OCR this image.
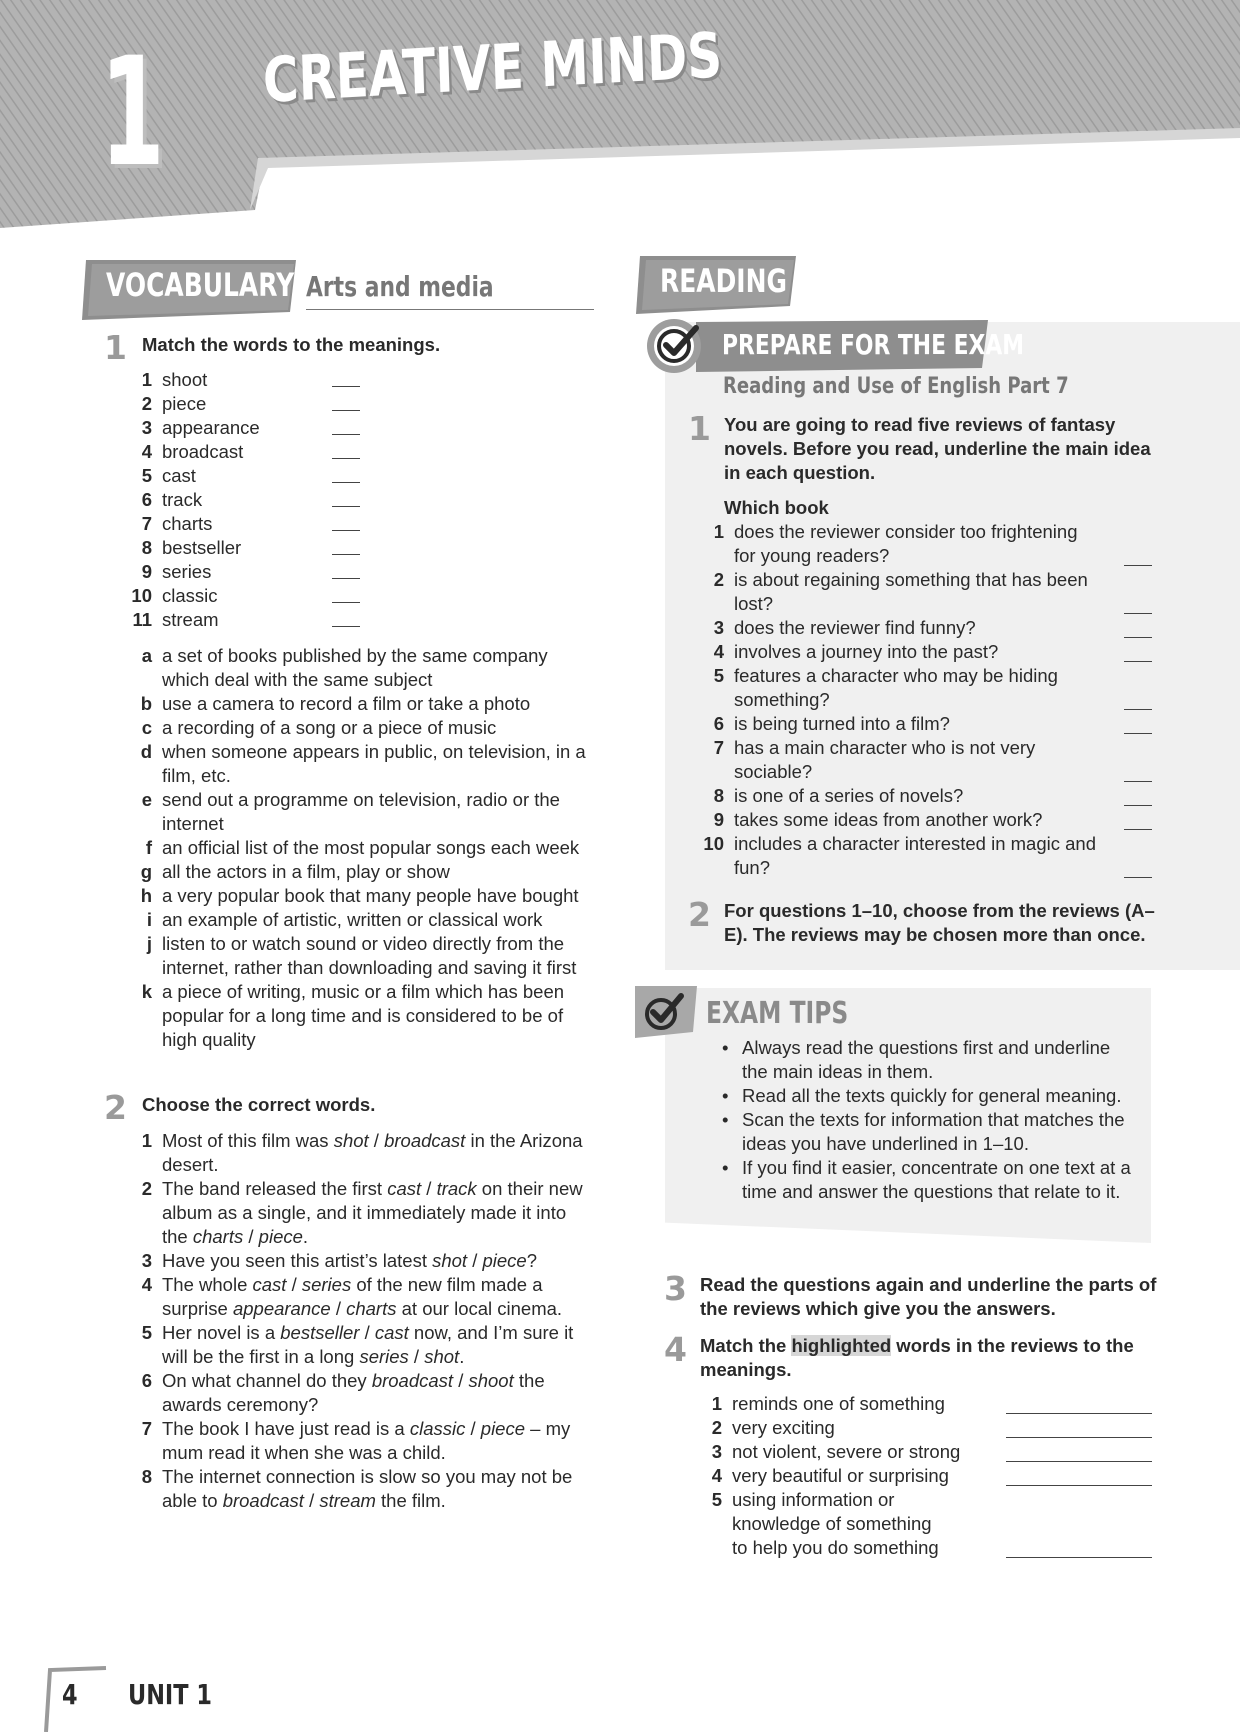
1 CREATIVE MINDS
VOCABULARY Arts and media
1 Match the words to the meanings.
1 shoot
2 piece
3 appearance
4 broadcast
5 cast
6 track
7 charts
8 bestseller
9 series
10 classic
11 stream
a a set of books published by the same company which deal with the same subject
b use a camera to record a film or take a photo
c a recording of a song or a piece of music
d when someone appears in public, on television, in a film, etc.
e send out a programme on television, radio or the internet
f an official list of the most popular songs each week
g all the actors in a film, play or show
h a very popular book that many people have bought
i an example of artistic, written or classical work
j listen to or watch sound or video directly from the internet, rather than downloading and saving it first
k a piece of writing, music or a film which has been popular for a long time and is considered to be of high quality
2 Choose the correct words.
1 Most of this film was shot / broadcast in the Arizona desert.
2 The band released the first cast / track on their new album as a single, and it immediately made it into the charts / piece.
3 Have you seen this artist’s latest shot / piece?
4 The whole cast / series of the new film made a surprise appearance / charts at our local cinema.
5 Her novel is a bestseller / cast now, and I’m sure it will be the first in a long series / shot.
6 On what channel do they broadcast / shoot the awards ceremony?
7 The book I have just read is a classic / piece – my mum read it when she was a child.
8 The internet connection is slow so you may not be able to broadcast / stream the film.
READING
PREPARE FOR THE EXAM
Reading and Use of English Part 7
1 You are going to read five reviews of fantasy novels. Before you read, underline the main idea in each question.
Which book
1 does the reviewer consider too frightening for young readers?
2 is about regaining something that has been lost?
3 does the reviewer find funny?
4 involves a journey into the past?
5 features a character who may be hiding something?
6 is being turned into a film?
7 has a main character who is not very sociable?
8 is one of a series of novels?
9 takes some ideas from another work?
10 includes a character interested in magic and fun?
2 For questions 1–10, choose from the reviews (A–E). The reviews may be chosen more than once.
EXAM TIPS
• Always read the questions first and underline the main ideas in them.
• Read all the texts quickly for general meaning.
• Scan the texts for information that matches the ideas you have underlined in 1–10.
• If you find it easier, concentrate on one text at a time and answer the questions that relate to it.
3 Read the questions again and underline the parts of the reviews which give you the answers.
4 Match the highlighted words in the reviews to the meanings.
1 reminds one of something
2 very exciting
3 not violent, severe or strong
4 very beautiful or surprising
5 using information or knowledge of something to help you do something
4 UNIT 1
